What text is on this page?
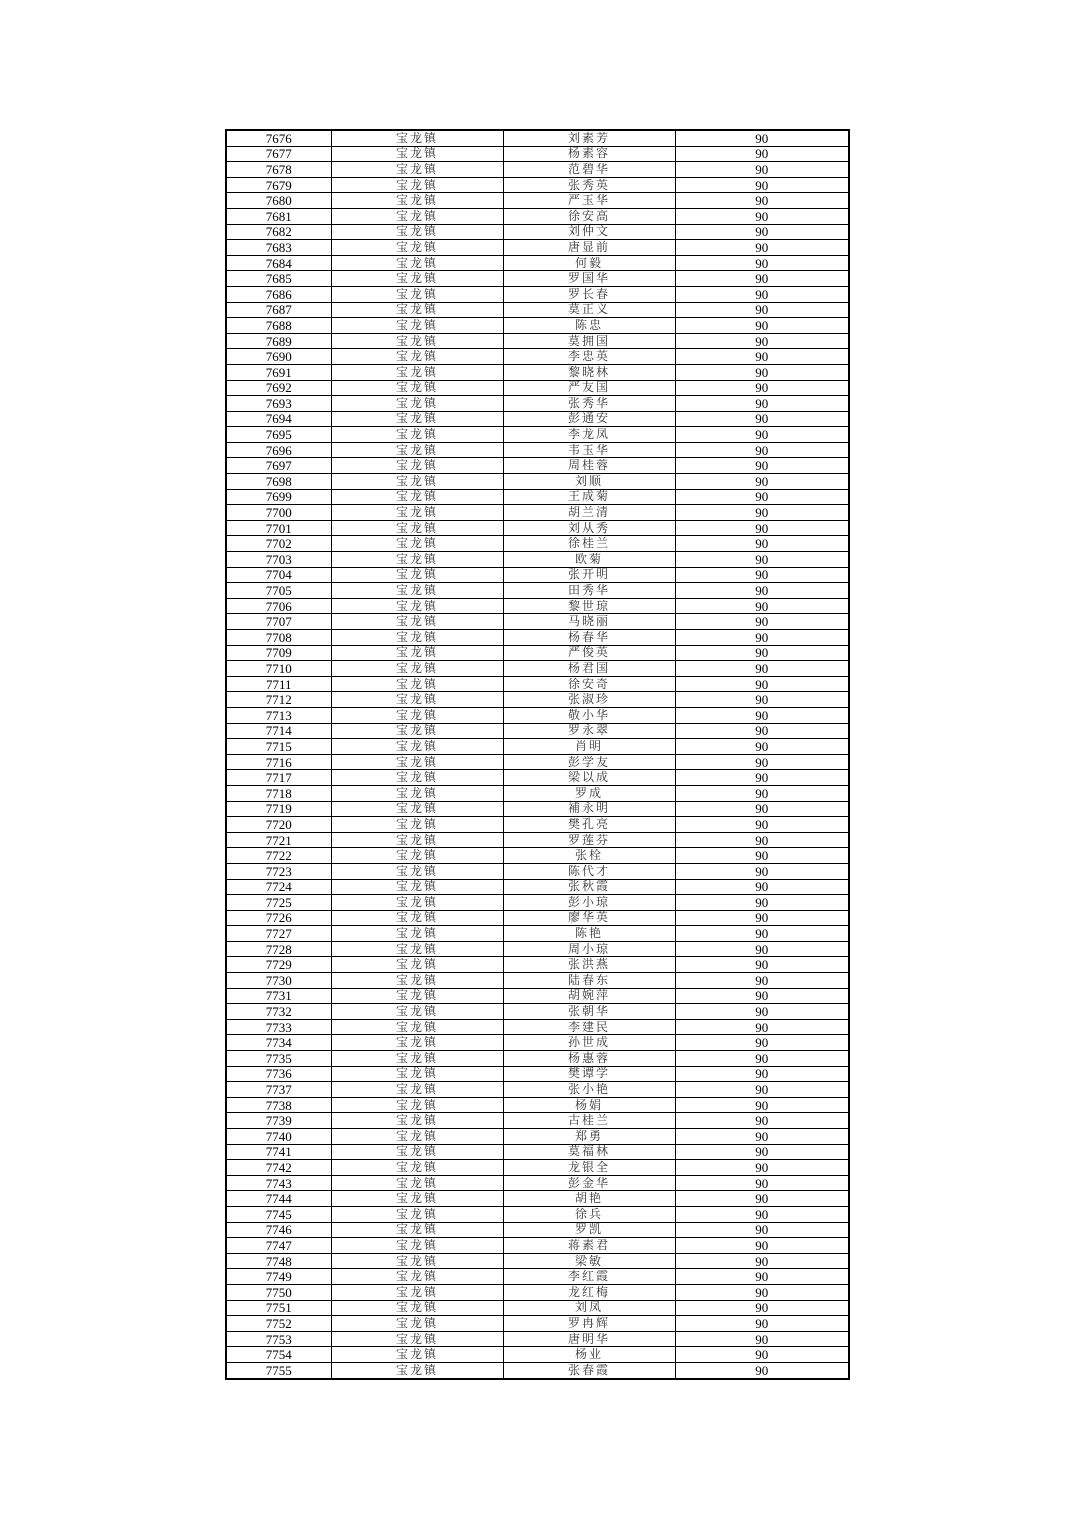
7676	宝龙镇	刘素芳	90
7677	宝龙镇	杨素容	90
7678	宝龙镇	范碧华	90
7679	宝龙镇	张秀英	90
7680	宝龙镇	严玉华	90
7681	宝龙镇	徐安高	90
7682	宝龙镇	刘仲文	90
7683	宝龙镇	唐显前	90
7684	宝龙镇	何毅	90
7685	宝龙镇	罗国华	90
7686	宝龙镇	罗长春	90
7687	宝龙镇	莫正义	90
7688	宝龙镇	陈忠	90
7689	宝龙镇	莫拥国	90
7690	宝龙镇	李忠英	90
7691	宝龙镇	黎晓林	90
7692	宝龙镇	严友国	90
7693	宝龙镇	张秀华	90
7694	宝龙镇	彭通安	90
7695	宝龙镇	李龙凤	90
7696	宝龙镇	韦玉华	90
7697	宝龙镇	周桂蓉	90
7698	宝龙镇	刘顺	90
7699	宝龙镇	王成菊	90
7700	宝龙镇	胡兰清	90
7701	宝龙镇	刘从秀	90
7702	宝龙镇	徐桂兰	90
7703	宝龙镇	欧菊	90
7704	宝龙镇	张开明	90
7705	宝龙镇	田秀华	90
7706	宝龙镇	黎世琼	90
7707	宝龙镇	马晓丽	90
7708	宝龙镇	杨春华	90
7709	宝龙镇	严俊英	90
7710	宝龙镇	杨君国	90
7711	宝龙镇	徐安奇	90
7712	宝龙镇	张淑珍	90
7713	宝龙镇	敬小华	90
7714	宝龙镇	罗永翠	90
7715	宝龙镇	肖明	90
7716	宝龙镇	彭学友	90
7717	宝龙镇	梁以成	90
7718	宝龙镇	罗成	90
7719	宝龙镇	補永明	90
7720	宝龙镇	樊孔亮	90
7721	宝龙镇	罗莲芬	90
7722	宝龙镇	张栓	90
7723	宝龙镇	陈代才	90
7724	宝龙镇	张秋霞	90
7725	宝龙镇	彭小琼	90
7726	宝龙镇	廖华英	90
7727	宝龙镇	陈艳	90
7728	宝龙镇	周小琼	90
7729	宝龙镇	张洪燕	90
7730	宝龙镇	陆春东	90
7731	宝龙镇	胡婉萍	90
7732	宝龙镇	张朝华	90
7733	宝龙镇	李建民	90
7734	宝龙镇	孙世成	90
7735	宝龙镇	杨惠蓉	90
7736	宝龙镇	樊谭学	90
7737	宝龙镇	张小艳	90
7738	宝龙镇	杨娟	90
7739	宝龙镇	古桂兰	90
7740	宝龙镇	郑勇	90
7741	宝龙镇	莫福林	90
7742	宝龙镇	龙银全	90
7743	宝龙镇	彭金华	90
7744	宝龙镇	胡艳	90
7745	宝龙镇	徐兵	90
7746	宝龙镇	罗凯	90
7747	宝龙镇	蒋素君	90
7748	宝龙镇	梁敏	90
7749	宝龙镇	李红霞	90
7750	宝龙镇	龙红梅	90
7751	宝龙镇	刘凤	90
7752	宝龙镇	罗冉辉	90
7753	宝龙镇	唐明华	90
7754	宝龙镇	杨业	90
7755	宝龙镇	张春霞	90
